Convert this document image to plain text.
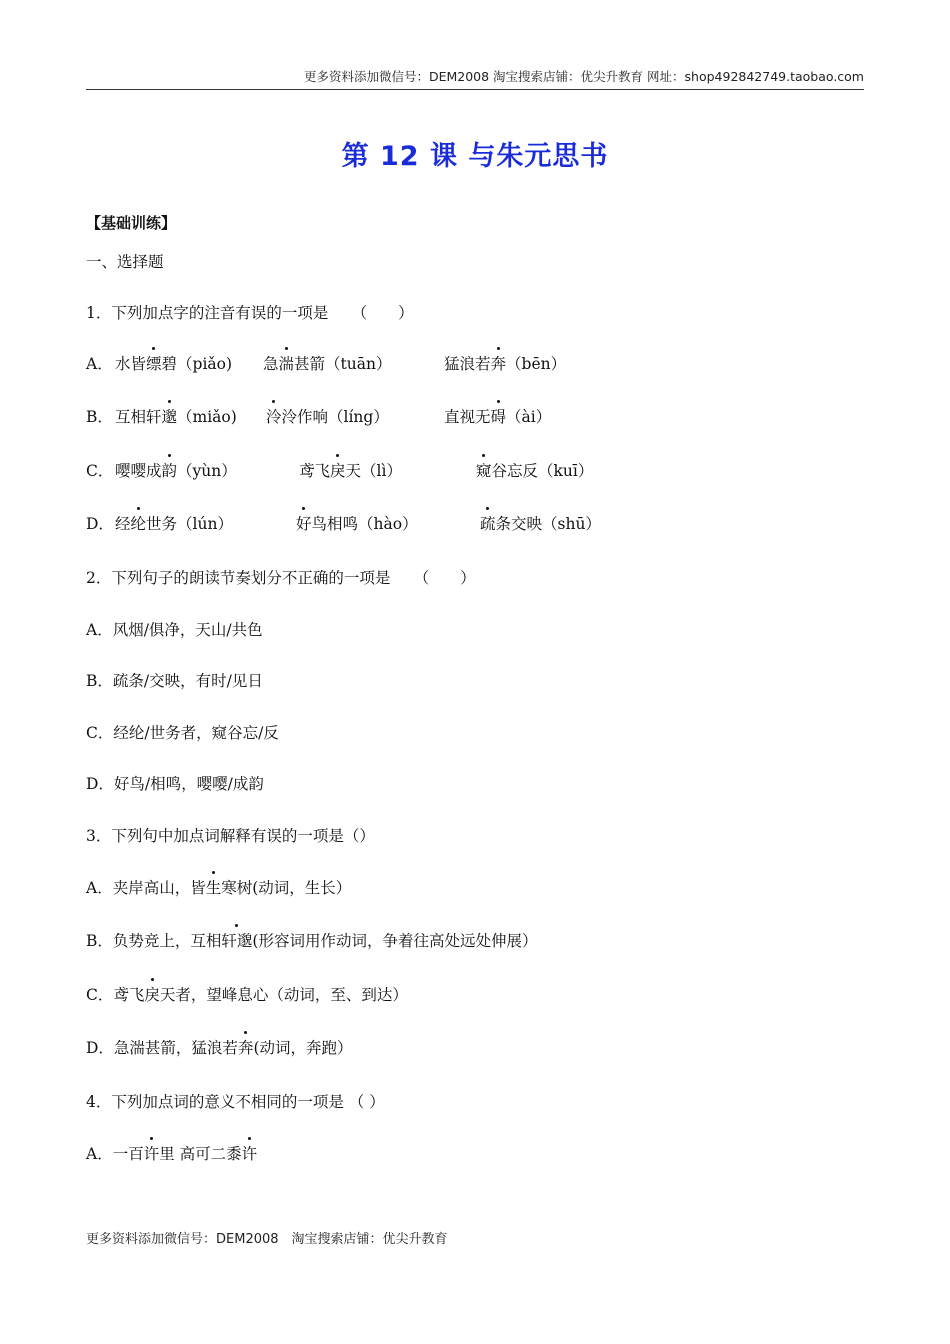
更多资料添加微信号：DEM2008 淘宝搜索店铺：优尖升教育 网址：shop492842749.taobao.com
第 12 课 与朱元思书
【基础训练】
一、选择题
1．下列加点字的注音有误的一项是　　（　　）
A． 水皆缥碧（piǎo) 急湍甚箭（tuān）	猛浪若奔（bēn）
B． 互相轩邈（miǎo) 泠泠作响（líng）	直视无碍（ài）
C． 嘤嘤成韵（yùn）	鸢飞戾天（lì）	窥谷忘反（kuī）
D． 经纶世务（lún）	好鸟相鸣（hào）	疏条交映（shū）
2．下列句子的朗读节奏划分不正确的一项是　　（　　）
A．风烟/俱净，天山/共色
B．疏条/交映，有时/见日
C．经纶/世务者，窥谷忘/反
D．好鸟/相鸣，嘤嘤/成韵
3．下列句中加点词解释有误的一项是（）
A．夹岸高山，皆生寒树(动词，生长）
B．负势竞上，互相轩邈(形容词用作动词，争着往高处远处伸展）
C．鸢飞戾天者，望峰息心（动词，至、到达）
D．急湍甚箭，猛浪若奔(动词，奔跑）
4．下列加点词的意义不相同的一项是 （ ）
A．一百许里 高可二黍许
更多资料添加微信号：DEM2008　淘宝搜索店铺：优尖升教育
